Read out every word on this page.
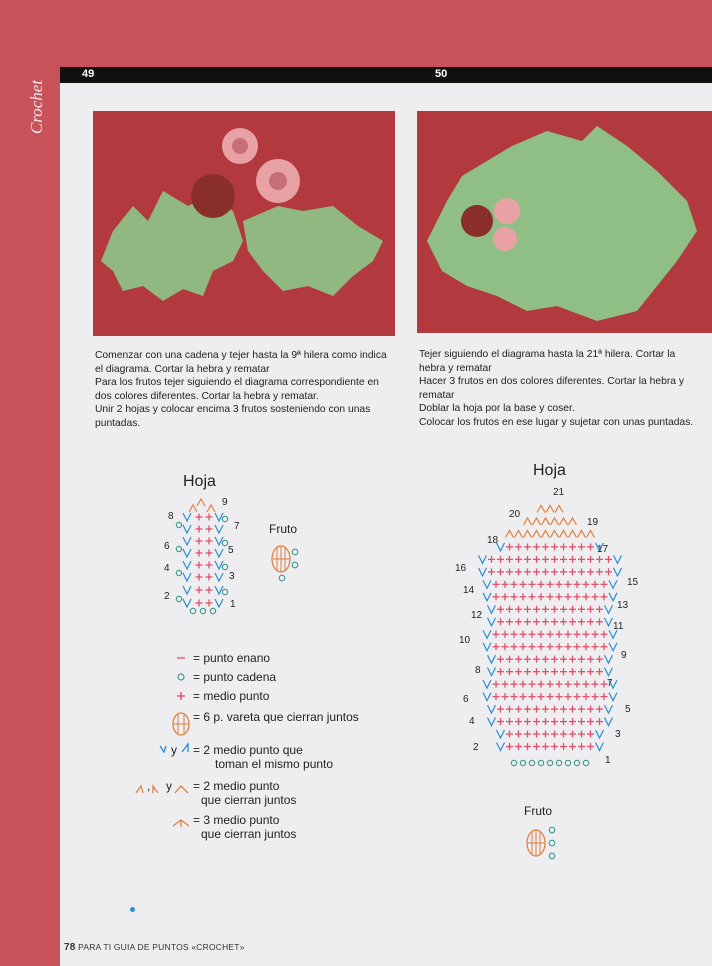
Crochet
49	50

Comenzar con una cadena y tejer hasta la 9ª hilera como indica

el diagrama. Cortar la hebra y rematar

Para los frutos tejer siguiendo el diagrama correspondiente en

dos colores diferentes. Cortar la hebra y rematar.

Unir 2 hojas y colocar encima 3 frutos sosteniendo con unas

puntadas.

Tejer siguiendo el diagrama hasta la 21ª hilera. Cortar la

hebra y rematar

Hacer 3 frutos en dos colores diferentes. Cortar la hebra y

rematar

Doblar la hoja por la base y coser.

Colocar los frutos en ese lugar y sujetar con unas puntadas.

Hoja
Fruto
9
8
7
6	5
4
3
2
1
= punto enano
= punto cadena
= medio punto
= 6 p. vareta que cierran juntos
y = 2 medio punto que
toman el mismo punto
, y = 2 medio punto
que cierran juntos
= 3 medio punto
que cierran juntos
Hoja
1
2
3
4
5
6
7
8
9
10
11
12
13
14
15
16
17
18
19
20
21
Fruto
78 PARA TI GUIA DE PUNTOS «CROCHET»
